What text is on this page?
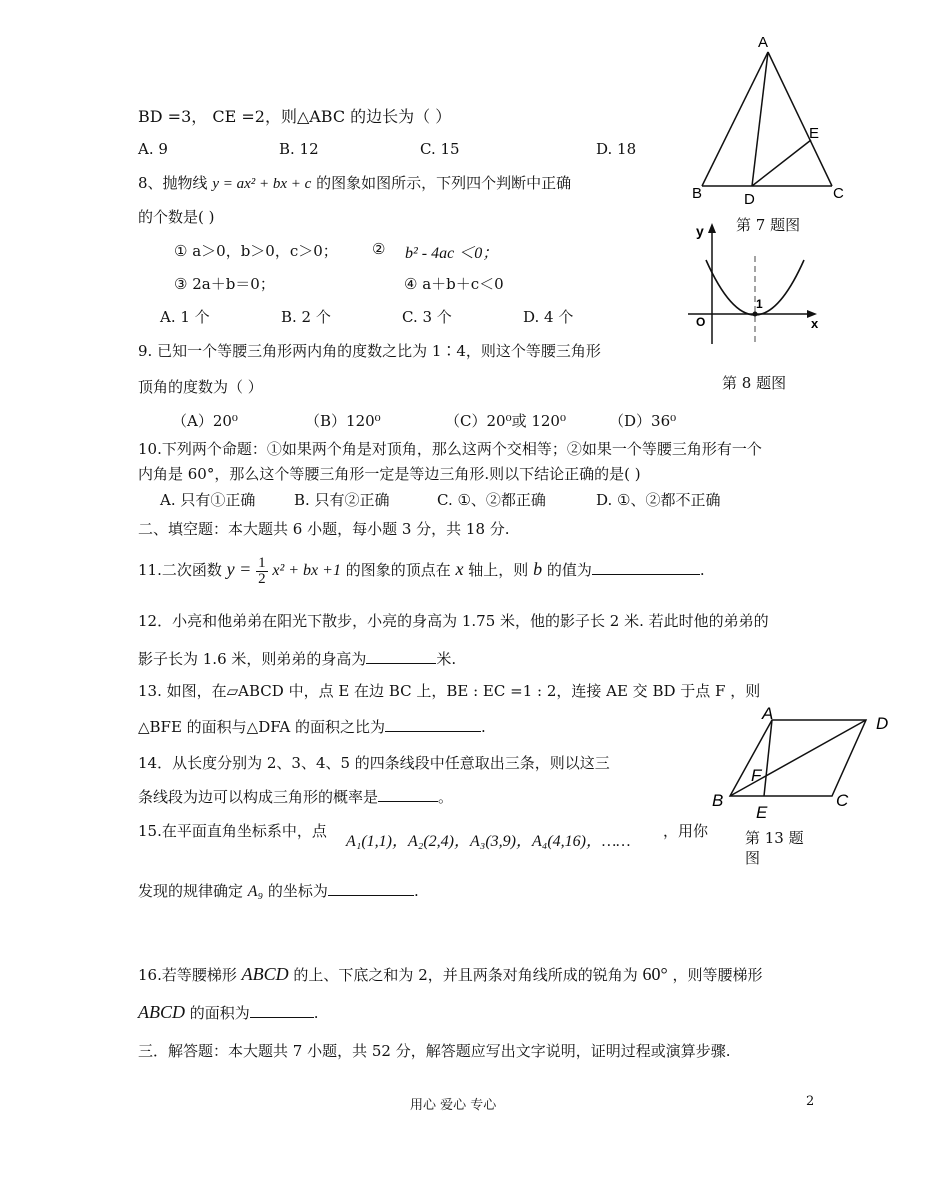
BD =3， CE =2，则△ABC 的边长为（ ）
A. 9	B. 12	C. 15	D. 18
A
B	C
D
E
第 7 题图
8、抛物线 y = ax² + bx + c 的图象如图所示，下列四个判断中正确
的个数是( )
① a＞0，b＞0，c＞0； ② b² - 4ac ＜0；
③ 2a＋b＝0；	④ a＋b＋c＜0
A. 1 个	B. 2 个	C. 3 个	D. 4 个
y
x
O
1
第 8 题图
9. 已知一个等腰三角形两内角的度数之比为 1∶4，则这个等腰三角形
顶角的度数为（ ）
（A）20⁰	（B）120⁰	（C）20⁰或 120⁰	（D）36⁰
10.下列两个命题：①如果两个角是对顶角，那么这两个交相等；②如果一个等腰三角形有一个
内角是 60°，那么这个等腰三角形一定是等边三角形.则以下结论正确的是( )
A. 只有①正确	B. 只有②正确	C. ①、②都正确	D. ①、②都不正确
二、填空题：本大题共 6 小题，每小题 3 分，共 18 分.
11.二次函数 $y = \frac{1}{2} x^2$ + bx +1 的图象的顶点在 x 轴上，则 b 的值为	.
12．小亮和他弟弟在阳光下散步，小亮的身高为 1.75 米，他的影子长 2 米. 若此时他的弟弟的
影子长为 1.6 米，则弟弟的身高为	米.
13. 如图，在▱ABCD 中，点 E 在边 BC 上，BE : EC =1 : 2，连接 AE 交 BD 于点 F ，则
△BFE 的面积与△DFA 的面积之比为	.
A
D
B	C
E
F
第 13 题
图
14．从长度分别为 2、3、4、5 的四条线段中任意取出三条，则以这三
条线段为边可以构成三角形的概率是	。
15.在平面直角坐标系中，点
A₁(1,1)，A₂(2,4)，A₃(3,9)，A₄(4,16)，……
，用你
发现的规律确定 A₉ 的坐标为	.
16.若等腰梯形 ABCD 的上、下底之和为 2，并且两条对角线所成的锐角为 60° ，则等腰梯形
ABCD 的面积为	.
三．解答题：本大题共 7 小题，共 52 分，解答题应写出文字说明，证明过程或演算步骤.
用心 爱心 专心	2
